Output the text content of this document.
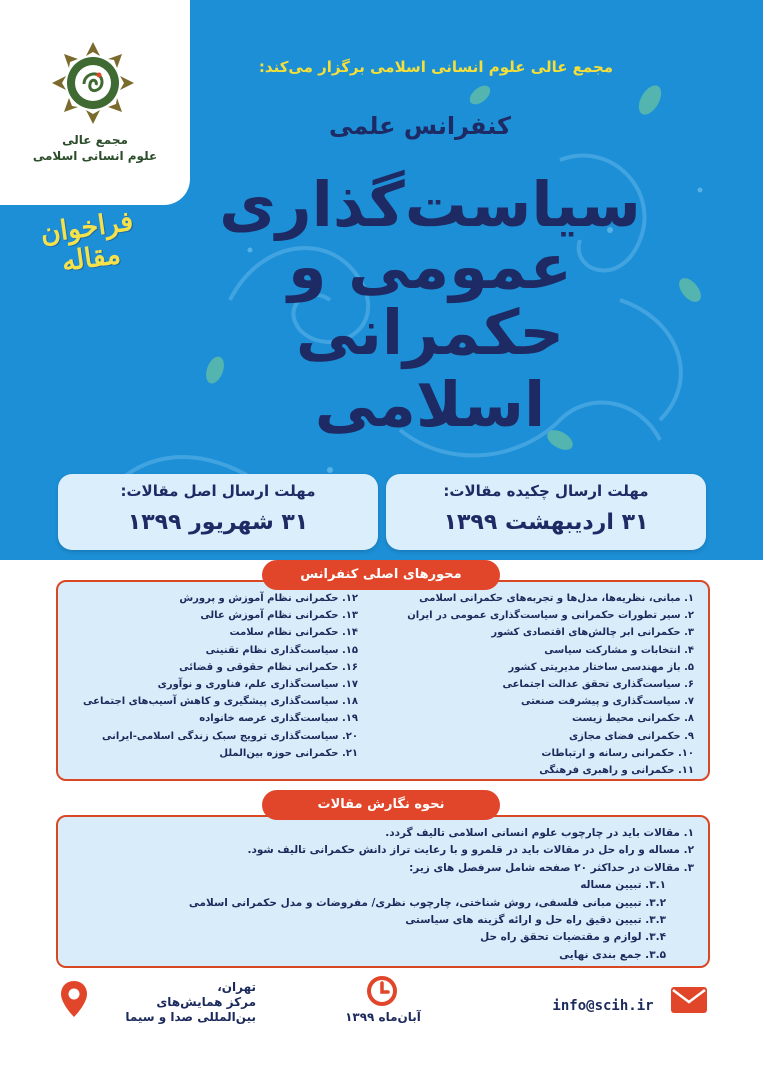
مجمع عالی
علوم انسانی اسلامی
فراخوان مقاله
مجمع عالی علوم انسانی اسلامی برگزار می‌کند:
کنفرانس علمی
سیاست‌گذاری
عمومی و
حکمرانی
اسلامی
مهلت ارسال چکیده مقالات:
۳۱ اردیبهشت ۱۳۹۹
مهلت ارسال اصل مقالات:
۳۱ شهریور ۱۳۹۹
محورهای اصلی کنفرانس
۱. مبانی، نظریه‌ها، مدل‌ها و تجربه‌های حکمرانی اسلامی
۲. سیر تطورات حکمرانی و سیاست‌گذاری عمومی در ایران
۳. حکمرانی ابر چالش‌های اقتصادی کشور
۴. انتخابات و مشارکت سیاسی
۵. باز مهندسی ساختار مدیریتی کشور
۶. سیاست‌گذاری تحقق عدالت اجتماعی
۷. سیاست‌گذاری و پیشرفت صنعتی
۸. حکمرانی محیط زیست
۹. حکمرانی فضای مجازی
۱۰. حکمرانی رسانه و ارتباطات
۱۱. حکمرانی و راهبری فرهنگی
۱۲. حکمرانی نظام آموزش و پرورش
۱۳. حکمرانی نظام آموزش عالی
۱۴. حکمرانی نظام سلامت
۱۵. سیاست‌گذاری نظام تقنینی
۱۶. حکمرانی نظام حقوقی و قضائی
۱۷. سیاست‌گذاری علم، فناوری و نوآوری
۱۸. سیاست‌گذاری پیشگیری و کاهش آسیب‌های اجتماعی
۱۹. سیاست‌گذاری عرصه خانواده
۲۰. سیاست‌گذاری ترویج سبک زندگی اسلامی-ایرانی
۲۱. حکمرانی حوزه بین‌الملل
نحوه نگارش مقالات
۱. مقالات باید در چارچوب علوم انسانی اسلامی تالیف گردد.
۲. مساله و راه حل در مقالات باید در قلمرو و با رعایت تراز دانش حکمرانی تالیف شود.
۳. مقالات در حداکثر ۲۰ صفحه شامل سرفصل های زیر:
۳.۱. تبیین مساله
۳.۲. تبیین مبانی فلسفی، روش شناختی، چارچوب نظری/ مفروضات و مدل حکمرانی اسلامی
۳.۳. تبیین دقیق راه حل و ارائه گزینه های سیاستی
۳.۴. لوازم و مقتضیات تحقق راه حل
۳.۵. جمع بندی نهایی
تهران،
مرکز همایش‌های
بین‌المللی صدا و سیما	آبان‌ماه ۱۳۹۹
info@scih.ir
